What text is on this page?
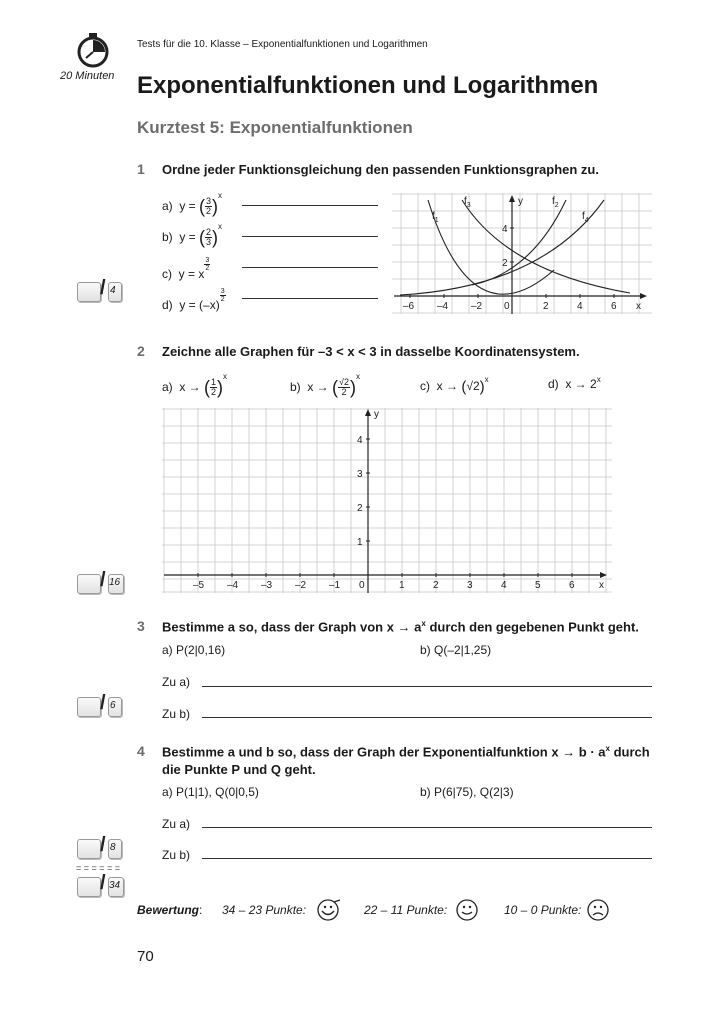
20 Minuten
Tests für die 10. Klasse – Exponentialfunktionen und Logarithmen
Exponentialfunktionen und Logarithmen
Kurztest 5: Exponentialfunktionen
1 Ordne jeder Funktionsgleichung den passenden Funktionsgraphen zu.
a) y = ( $\frac{3}{2} )^x$
b) y = ( $\frac{2}{3} )^x$
c) y = x
$\frac{3}{2}$
d) y = (–x)
$\frac{3}{2}$
–6 –4 –2 0	2	4	6 x
2
4
y
$f_1$
$f_3$	$f_2$
$f_4$
/ 4
2 Zeichne alle Graphen für –3 < x < 3 in dasselbe Koordinatensystem.
a) x → ( $\frac{1}{2} )^x$
b) x → ( $\frac{√2}{2} )^x$
c) $x \to (√2)^x$	d) $x \to 2^x$
–5 –4 –3 –2 –1 0	1	2	3	4	5	6 x
1
2
3
4
y
/ 16
3 Bestimme a so, dass der Graph von $x \to a^x$ durch den gegebenen Punkt geht.
a) P(2|0,16)	b) Q(–2|1,25)
Zu a)
Zu b)
/ 6
4 Bestimme a und b so, dass der Graph der Exponentialfunktion $x \to b \cdot a^x$ durch
die Punkte P und Q geht.
a) P(1|1), Q(0|0,5)	b) P(6|75), Q(2|3)
Zu a)
Zu b)
/ 8
= = = = = =
/ 34
Bewertung: 34 – 23 Punkte:	22 – 11 Punkte:	10 – 0 Punkte:
70
